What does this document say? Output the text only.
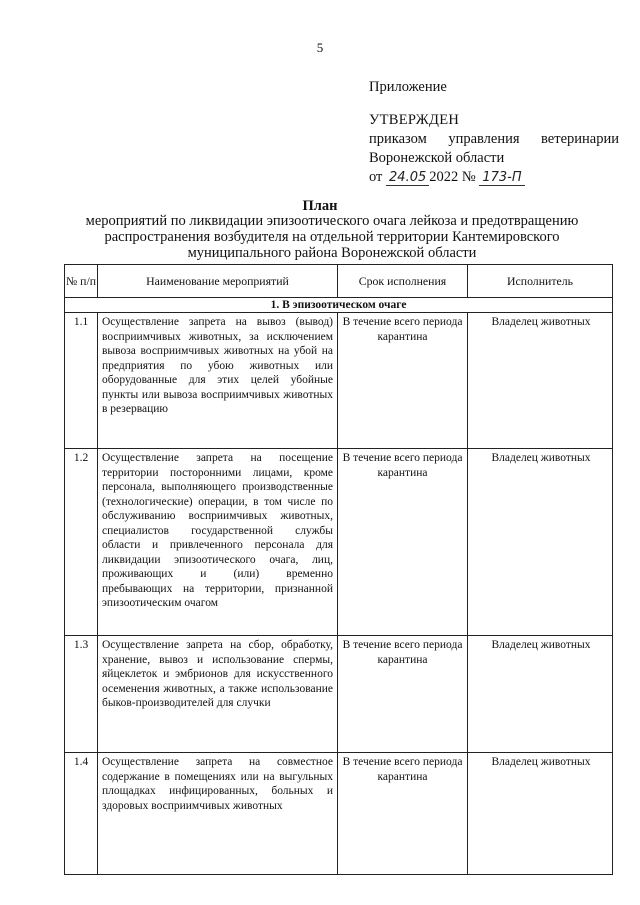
5
Приложение
УТВЕРЖДЕН
приказом управления ветеринарии
Воронежской области
от 24.05 2022 № 173-П
План
мероприятий по ликвидации эпизоотического очага лейкоза и предотвращению распространения возбудителя на отдельной территории Кантемировского муниципального района Воронежской области
№ п/п	Наименование мероприятий	Срок исполнения	Исполнитель
1. В эпизоотическом очаге			
1.1	Осуществление запрета на вывоз (вывод) восприимчивых животных, за исключением вывоза восприимчивых животных на убой на предприятия по убою животных или оборудованные для этих целей убойные пункты или вывоза восприимчивых животных в резервацию	В течение всего периода карантина	Владелец животных
1.2	Осуществление запрета на посещение территории посторонними лицами, кроме персонала, выполняющего производственные (технологические) операции, в том числе по обслуживанию восприимчивых животных, специалистов государственной службы области и привлеченного персонала для ликвидации эпизоотического очага, лиц, проживающих и (или) временно пребывающих на территории, признанной эпизоотическим очагом	В течение всего периода карантина	Владелец животных
1.3	Осуществление запрета на сбор, обработку, хранение, вывоз и использование спермы, яйцеклеток и эмбрионов для искусственного осеменения животных, а также использование быков-производителей для случки	В течение всего периода карантина	Владелец животных
1.4	Осуществление запрета на совместное содержание в помещениях или на выгульных площадках инфицированных, больных и здоровых восприимчивых животных	В течение всего периода карантина	Владелец животных
